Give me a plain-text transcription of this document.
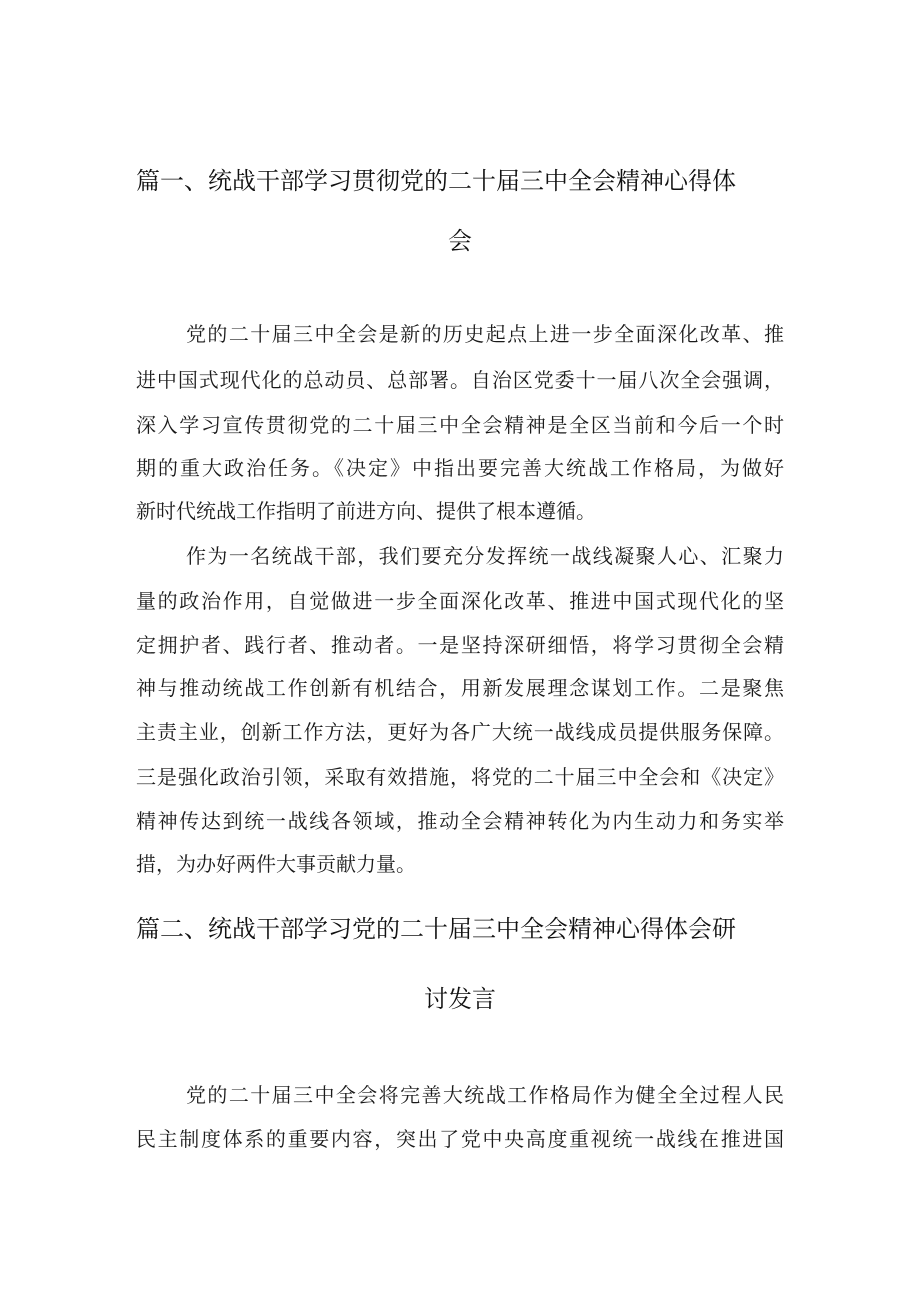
篇一、统战干部学习贯彻党的二十届三中全会精神心得体
会
党的二十届三中全会是新的历史起点上进一步全面深化改革、推
进中国式现代化的总动员、总部署。自治区党委十一届八次全会强调，
深入学习宣传贯彻党的二十届三中全会精神是全区当前和今后一个时
期的重大政治任务。《决定》中指出要完善大统战工作格局，为做好
新时代统战工作指明了前进方向、提供了根本遵循。
作为一名统战干部，我们要充分发挥统一战线凝聚人心、汇聚力
量的政治作用，自觉做进一步全面深化改革、推进中国式现代化的坚
定拥护者、践行者、推动者。一是坚持深研细悟，将学习贯彻全会精
神与推动统战工作创新有机结合，用新发展理念谋划工作。二是聚焦
主责主业，创新工作方法，更好为各广大统一战线成员提供服务保障。
三是强化政治引领，采取有效措施，将党的二十届三中全会和《决定》
精神传达到统一战线各领域，推动全会精神转化为内生动力和务实举
措，为办好两件大事贡献力量。
篇二、统战干部学习党的二十届三中全会精神心得体会研
讨发言
党的二十届三中全会将完善大统战工作格局作为健全全过程人民
民主制度体系的重要内容，突出了党中央高度重视统一战线在推进国
